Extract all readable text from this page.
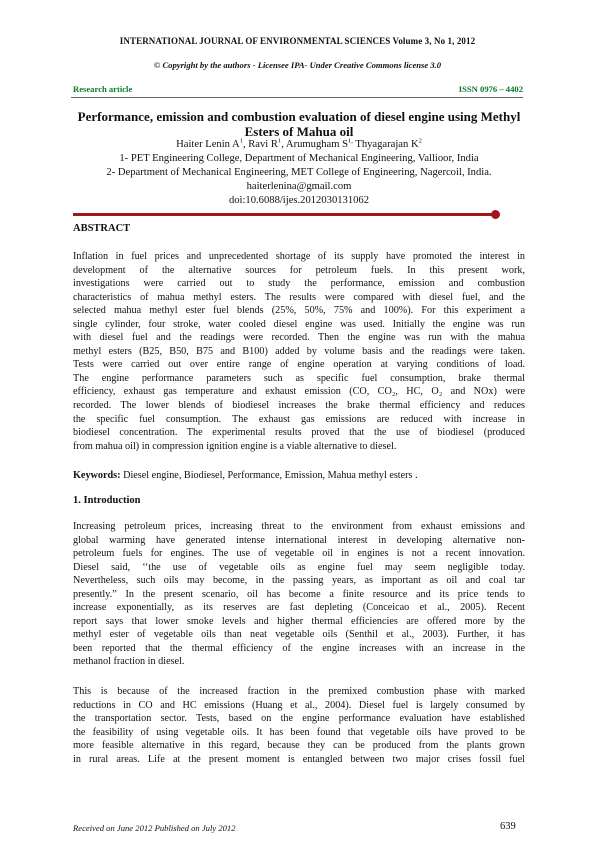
INTERNATIONAL JOURNAL OF ENVIRONMENTAL SCIENCES Volume 3, No 1, 2012
© Copyright by the authors - Licensee IPA- Under Creative Commons license 3.0
Research article	ISSN 0976 – 4402
Performance, emission and combustion evaluation of diesel engine using Methyl Esters of Mahua oil
Haiter Lenin $A^1$, Ravi $R^1$, Arumugham $S^{1,}$ Thyagarajan $K^2$
1- PET Engineering College, Department of Mechanical Engineering, Vallioor, India
2- Department of Mechanical Engineering, MET College of Engineering, Nagercoil, India.
haiterlenina@gmail.com
doi:10.6088/ijes.2012030131062
ABSTRACT
Inflation in fuel prices and unprecedented shortage of its supply have promoted the interest in
development of the alternative sources for petroleum fuels. In this present work,
investigations were carried out to study the performance, emission and combustion
characteristics of mahua methyl esters. The results were compared with diesel fuel, and the
selected mahua methyl ester fuel blends (25%, 50%, 75% and 100%). For this experiment a
single cylinder, four stroke, water cooled diesel engine was used. Initially the engine was run
with diesel fuel and the readings were recorded. Then the engine was run with the mahua
methyl esters (B25, B50, B75 and B100) added by volume basis and the readings were taken.
Tests were carried out over entire range of engine operation at varying conditions of load.
The engine performance parameters such as specific fuel consumption, brake thermal
efficiency, exhaust gas temperature and exhaust emission (CO, CO₂, HC, O₂ and NOx) were
recorded. The lower blends of biodiesel increases the brake thermal efficiency and reduces
the specific fuel consumption. The exhaust gas emissions are reduced with increase in
biodiesel concentration. The experimental results proved that the use of biodiesel (produced
from mahua oil) in compression ignition engine is a viable alternative to diesel.
Keywords: Diesel engine, Biodiesel, Performance, Emission, Mahua methyl esters .
1. Introduction
Increasing petroleum prices, increasing threat to the environment from exhaust emissions and
global warming have generated intense international interest in developing alternative non-
petroleum fuels for engines. The use of vegetable oil in engines is not a recent innovation.
Diesel said, ‘‘the use of vegetable oils as engine fuel may seem negligible today.
Nevertheless, such oils may become, in the passing years, as important as oil and coal tar
presently.” In the present scenario, oil has become a finite resource and its price tends to
increase exponentially, as its reserves are fast depleting (Conceicao et al., 2005). Recent
report says that lower smoke levels and higher thermal efficiencies are offered more by the
methyl ester of vegetable oils than neat vegetable oils (Senthil et al., 2003). Further, it has
been reported that the thermal efficiency of the engine increases with an increase in the
methanol fraction in diesel.
This is because of the increased fraction in the premixed combustion phase with marked
reductions in CO and HC emissions (Huang et al., 2004). Diesel fuel is largely consumed by
the transportation sector. Tests, based on the engine performance evaluation have established
the feasibility of using vegetable oils. It has been found that vegetable oils have proved to be
more feasible alternative in this regard, because they can be produced from the plants grown
in rural areas. Life at the present moment is entangled between two major crises fossil fuel
Received on June 2012 Published on July 2012	639
